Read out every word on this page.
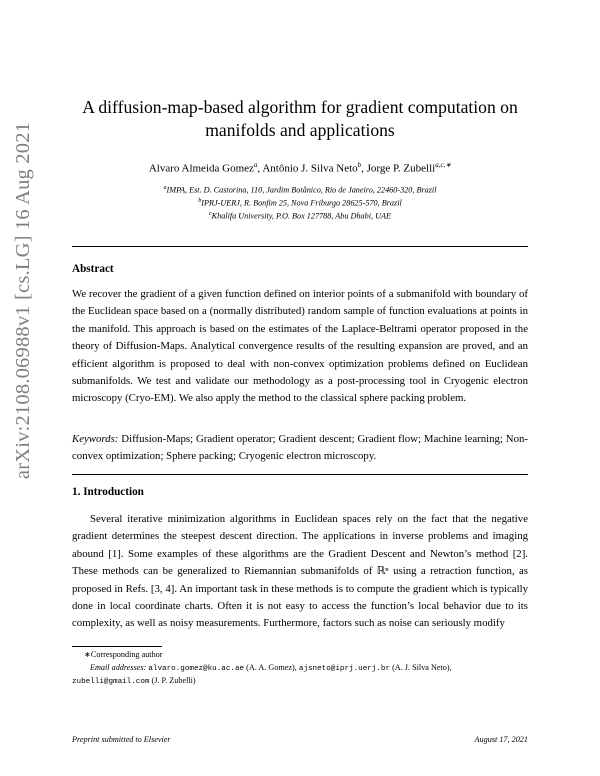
arXiv:2108.06988v1 [cs.LG] 16 Aug 2021
A diffusion-map-based algorithm for gradient computation on manifolds and applications
Alvaro Almeida Gomez$^a$, Antônio J. Silva Neto$^b$, Jorge P. Zubelli$^{a,c,∗}$
$^a$IMPA, Est. D. Castorina, 110, Jardim Botânico, Rio de Janeiro, 22460-320, Brazil
$^b$IPRJ-UERJ, R. Bonfim 25, Nova Friburgo 28625-570, Brazil
$^c$Khalifa University, P.O. Box 127788, Abu Dhabi, UAE
Abstract

We recover the gradient of a given function defined on interior points of a submanifold with boundary of the Euclidean space based on a (normally distributed) random sample of function evaluations at points in the manifold. This approach is based on the estimates of the Laplace-Beltrami operator proposed in the theory of Diffusion-Maps. Analytical convergence results of the resulting expansion are proved, and an efficient algorithm is proposed to deal with non-convex optimization problems defined on Euclidean submanifolds. We test and validate our methodology as a post-processing tool in Cryogenic electron microscopy (Cryo-EM). We also apply the method to the classical sphere packing problem.

Keywords: Diffusion-Maps; Gradient operator; Gradient descent; Gradient flow; Machine learning; Non-convex optimization; Sphere packing; Cryogenic electron microscopy.

1. Introduction

Several iterative minimization algorithms in Euclidean spaces rely on the fact that the negative gradient determines the steepest descent direction. The applications in inverse problems and imaging abound [1]. Some examples of these algorithms are the Gradient Descent and Newton’s method [2]. These methods can be generalized to Riemannian submanifolds of ℝⁿ using a retraction function, as proposed in Refs. [3, 4]. An important task in these methods is to compute the gradient which is typically done in local coordinate charts. Often it is not easy to access the function’s local behavior due to its complexity, as well as noisy measurements. Furthermore, factors such as noise can seriously modify

∗Corresponding author
Email addresses: alvaro.gomez@ku.ac.ae (A. A. Gomez), ajsneto@iprj.uerj.br (A. J. Silva Neto), zubelli@gmail.com (J. P. Zubelli)
Preprint submitted to Elsevier	August 17, 2021
